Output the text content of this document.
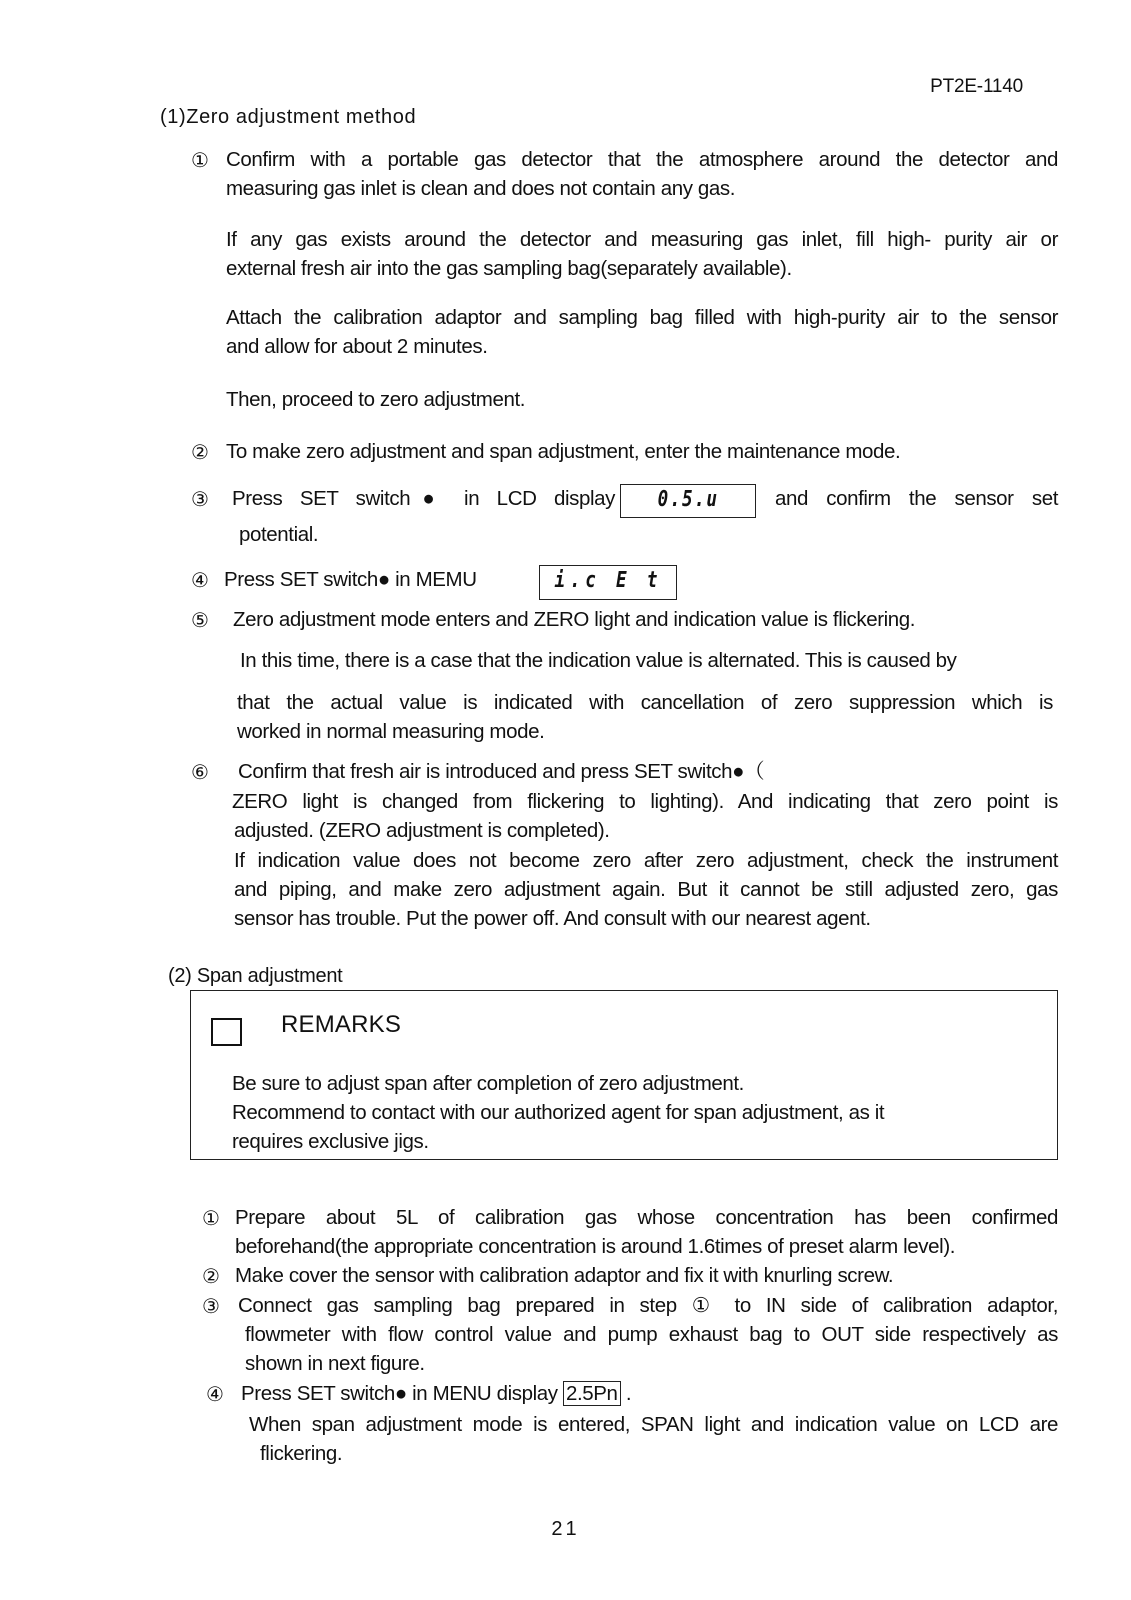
PT2E-1140
(1)Zero adjustment method
① Confirm with a portable gas detector that the atmosphere around the detector and
measuring gas inlet is clean and does not contain any gas.
If any gas exists around the detector and measuring gas inlet, fill high- purity air or
external fresh air into the gas sampling bag(separately available).
Attach the calibration adaptor and sampling bag filled with high-purity air to the sensor
and allow for about 2 minutes.
Then, proceed to zero adjustment.
② To make zero adjustment and span adjustment, enter the maintenance mode.
③ Press SET switch● in LCD display	0.5.u	and confirm the sensor set
potential.
④ Press SET switch● in MEMU	i.c E t
⑤ Zero adjustment mode enters and ZERO light and indication value is flickering.
In this time, there is a case that the indication value is alternated. This is caused by
that the actual value is indicated with cancellation of zero suppression which is
worked in normal measuring mode.
⑥ Confirm that fresh air is introduced and press SET switch●（
ZERO light is changed from flickering to lighting). And indicating that zero point is
adjusted. (ZERO adjustment is completed).
If indication value does not become zero after zero adjustment, check the instrument
and piping, and make zero adjustment again. But it cannot be still adjusted zero, gas
sensor has trouble. Put the power off. And consult with our nearest agent.
(2) Span adjustment
REMARKS
Be sure to adjust span after completion of zero adjustment.
Recommend to contact with our authorized agent for span adjustment, as it
requires exclusive jigs.
① Prepare about 5L of calibration gas whose concentration has been confirmed
beforehand(the appropriate concentration is around 1.6times of preset alarm level).
② Make cover the sensor with calibration adaptor and fix it with knurling screw.
③ Connect gas sampling bag prepared in step ① to IN side of calibration adaptor,
flowmeter with flow control value and pump exhaust bag to OUT side respectively as
shown in next figure.
④ Press SET switch● in MENU display 2.5Pn .
When span adjustment mode is entered, SPAN light and indication value on LCD are
flickering.
21
